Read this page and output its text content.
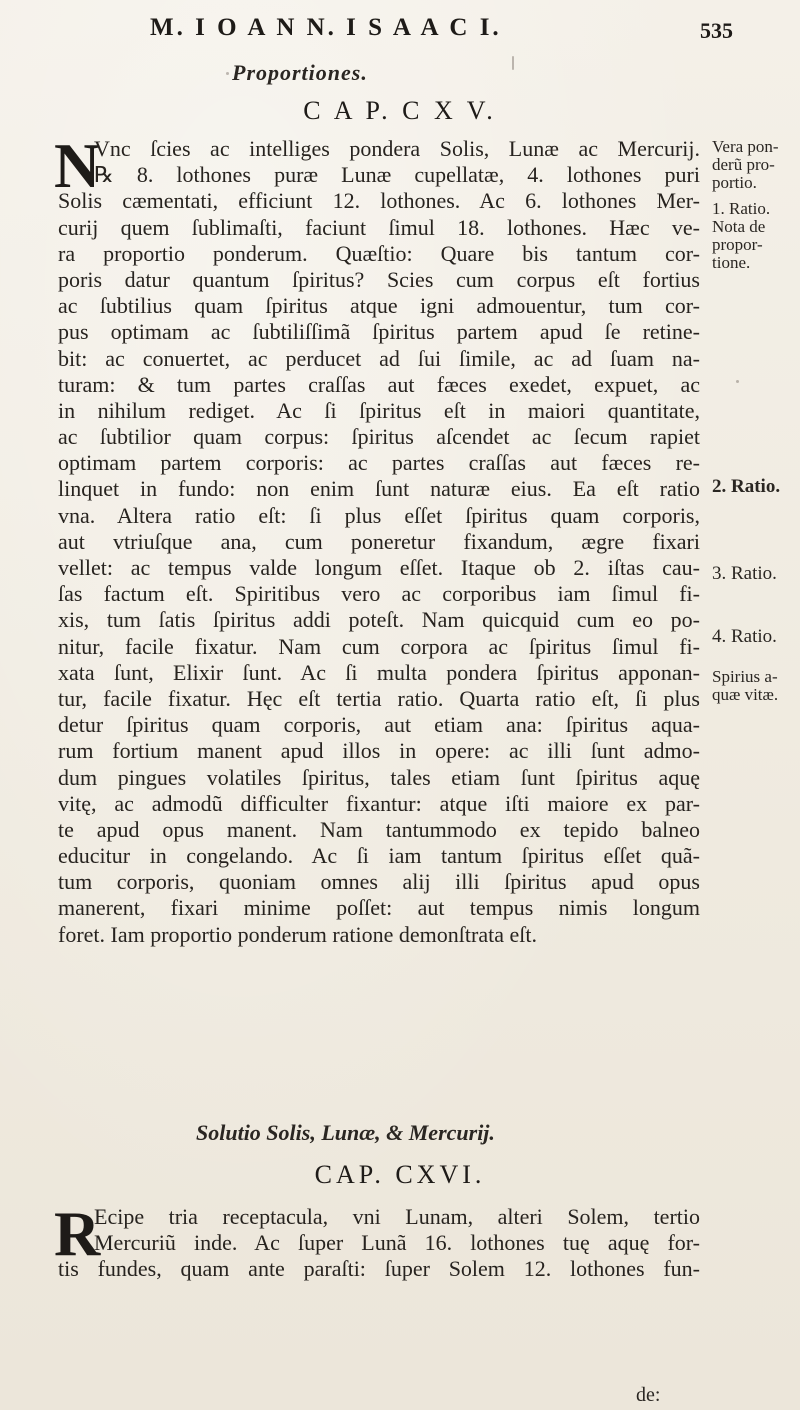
M. I O A N N. I S A A C I.	535
Proportiones.
C A P. C X V.
N
Vnc ſcies ac intelliges pondera Solis, Lunæ ac Mercurij.
℞ 8. lothones puræ Lunæ cupellatæ, 4. lothones puri
Solis cæmentati, efficiunt 12. lothones. Ac 6. lothones Mer-
curij quem ſublimaſti, faciunt ſimul 18. lothones. Hæc ve-
ra proportio ponderum. Quæſtio: Quare bis tantum cor-
poris datur quantum ſpiritus? Scies cum corpus eſt fortius
ac ſubtilius quam ſpiritus atque igni admouentur, tum cor-
pus optimam ac ſubtiliſſimã ſpiritus partem apud ſe retine-
bit: ac conuertet, ac perducet ad ſui ſimile, ac ad ſuam na-
turam: & tum partes craſſas aut fæces exedet, expuet, ac
in nihilum rediget. Ac ſi ſpiritus eſt in maiori quantitate,
ac ſubtilior quam corpus: ſpiritus aſcendet ac ſecum rapiet
optimam partem corporis: ac partes craſſas aut fæces re-
linquet in fundo: non enim ſunt naturæ eius. Ea eſt ratio
vna. Altera ratio eſt: ſi plus eſſet ſpiritus quam corporis,
aut vtriuſque ana, cum poneretur fixandum, ægre fixari
vellet: ac tempus valde longum eſſet. Itaque ob 2. iſtas cau-
ſas factum eſt. Spiritibus vero ac corporibus iam ſimul fi-
xis, tum ſatis ſpiritus addi poteſt. Nam quicquid cum eo po-
nitur, facile fixatur. Nam cum corpora ac ſpiritus ſimul fi-
xata ſunt, Elixir ſunt. Ac ſi multa pondera ſpiritus apponan-
tur, facile fixatur. Hęc eſt tertia ratio. Quarta ratio eſt, ſi plus
detur ſpiritus quam corporis, aut etiam ana: ſpiritus aqua-
rum fortium manent apud illos in opere: ac illi ſunt admo-
dum pingues volatiles ſpiritus, tales etiam ſunt ſpiritus aquę
vitę, ac admodũ difficulter fixantur: atque iſti maiore ex par-
te apud opus manent. Nam tantummodo ex tepido balneo
educitur in congelando. Ac ſi iam tantum ſpiritus eſſet quã-
tum corporis, quoniam omnes alij illi ſpiritus apud opus
manerent, fixari minime poſſet: aut tempus nimis longum
foret. Iam proportio ponderum ratione demonſtrata eſt.
Vera pon-
derũ pro-
portio.
1. Ratio.
Nota de
propor-
tione.
2. Ratio.
3. Ratio.
4. Ratio.
Spirius a-
quæ vitæ.
Solutio Solis, Lunæ, & Mercurij.
CAP. CXVI.
R
Ecipe tria receptacula, vni Lunam, alteri Solem, tertio
Mercuriũ inde. Ac ſuper Lunã 16. lothones tuę aquę for-
tis fundes, quam ante paraſti: ſuper Solem 12. lothones fun-
de:
